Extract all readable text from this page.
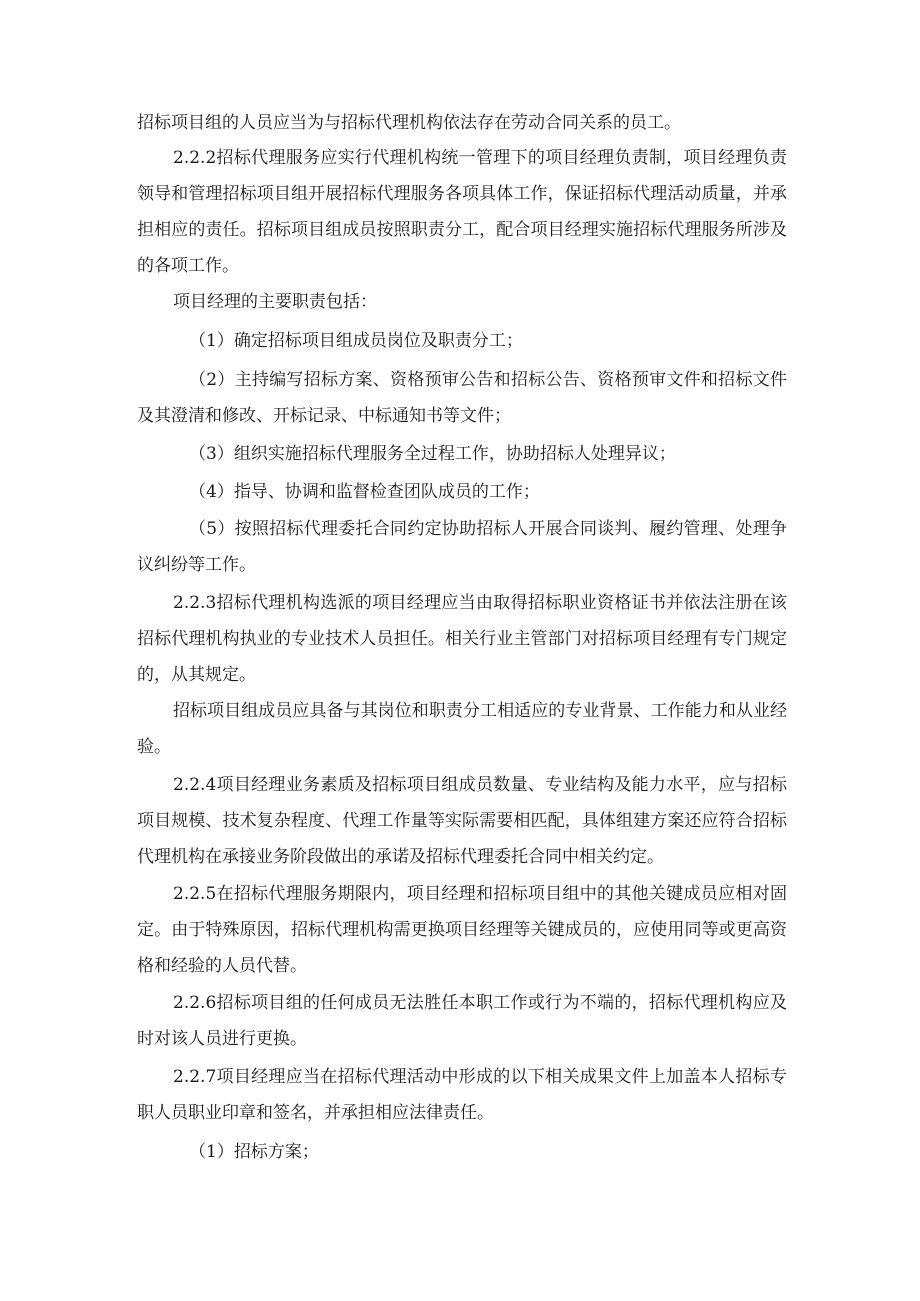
招标项目组的人员应当为与招标代理机构依法存在劳动合同关系的员工。

2.2.2招标代理服务应实行代理机构统一管理下的项目经理负责制，项目经理负责领导和管理招标项目组开展招标代理服务各项具体工作，保证招标代理活动质量，并承担相应的责任。招标项目组成员按照职责分工，配合项目经理实施招标代理服务所涉及的各项工作。

项目经理的主要职责包括：

（1）确定招标项目组成员岗位及职责分工；

（2）主持编写招标方案、资格预审公告和招标公告、资格预审文件和招标文件及其澄清和修改、开标记录、中标通知书等文件；

（3）组织实施招标代理服务全过程工作，协助招标人处理异议；

（4）指导、协调和监督检查团队成员的工作；

（5）按照招标代理委托合同约定协助招标人开展合同谈判、履约管理、处理争议纠纷等工作。

2.2.3招标代理机构选派的项目经理应当由取得招标职业资格证书并依法注册在该招标代理机构执业的专业技术人员担任。相关行业主管部门对招标项目经理有专门规定的，从其规定。

招标项目组成员应具备与其岗位和职责分工相适应的专业背景、工作能力和从业经验。

2.2.4项目经理业务素质及招标项目组成员数量、专业结构及能力水平，应与招标项目规模、技术复杂程度、代理工作量等实际需要相匹配，具体组建方案还应符合招标代理机构在承接业务阶段做出的承诺及招标代理委托合同中相关约定。

2.2.5在招标代理服务期限内，项目经理和招标项目组中的其他关键成员应相对固定。由于特殊原因，招标代理机构需更换项目经理等关键成员的，应使用同等或更高资格和经验的人员代替。

2.2.6招标项目组的任何成员无法胜任本职工作或行为不端的，招标代理机构应及时对该人员进行更换。

2.2.7项目经理应当在招标代理活动中形成的以下相关成果文件上加盖本人招标专职人员职业印章和签名，并承担相应法律责任。

（1）招标方案；
